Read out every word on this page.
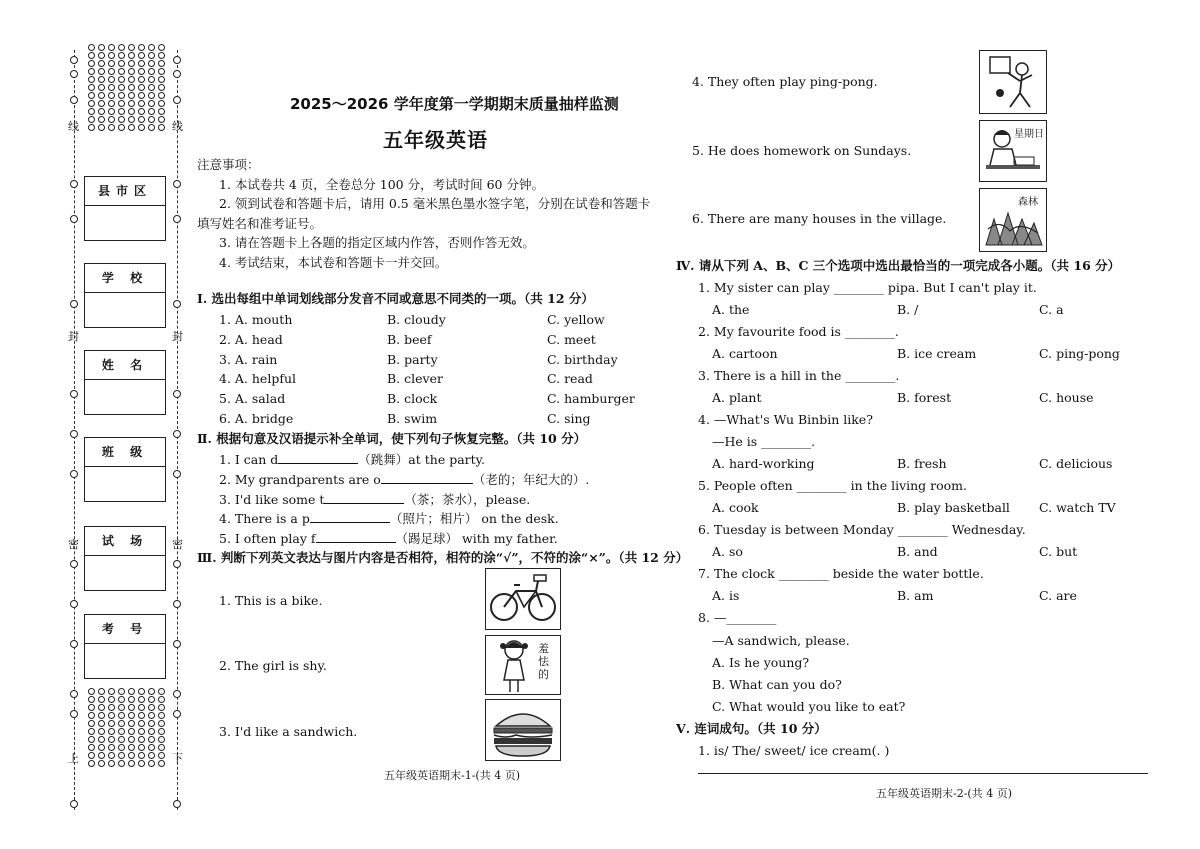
线
封
密
上
线
封
密
下
县市区
学 校
姓 名
班 级
试 场
考 号
2025～2026 学年度第一学期期末质量抽样监测
五年级英语
注意事项：
1. 本试卷共 4 页，全卷总分 100 分，考试时间 60 分钟。
2. 领到试卷和答题卡后，请用 0.5 毫米黑色墨水签字笔，分别在试卷和答题卡
填写姓名和准考证号。
3. 请在答题卡上各题的指定区域内作答，否则作答无效。
4. 考试结束，本试卷和答题卡一并交回。
Ⅰ. 选出每组中单词划线部分发音不同或意思不同类的一项。（共 12 分）
1. A. mouth	B. cloudy	C. yellow
2. A. head	B. beef	C. meet
3. A. rain	B. party	C. birthday
4. A. helpful	B. clever	C. read
5. A. salad	B. clock	C. hamburger
6. A. bridge	B. swim	C. sing
Ⅱ. 根据句意及汉语提示补全单词，使下列句子恢复完整。（共 10 分）
1. I can d	（跳舞）at the party.
2. My grandparents are o	（老的；年纪大的）.
3. I'd like some t	（茶；茶水），please.
4. There is a p	（照片；相片） on the desk.
5. I often play f	（踢足球） with my father.
Ⅲ. 判断下列英文表达与图片内容是否相符，相符的涂“√”，不符的涂“×”。（共 12 分）
1. This is a bike.
2. The girl is shy.
3. I'd like a sandwich.
羞怯的
五年级英语期末-1-(共 4 页)
4. They often play ping-pong.
5. He does homework on Sundays.
6. There are many houses in the village.
星期日
森林
Ⅳ. 请从下列 A、B、C 三个选项中选出最恰当的一项完成各小题。（共 16 分）
1. My sister can play ________ pipa. But I can't play it.
A. the	B. /	C. a
2. My favourite food is ________.
A. cartoon	B. ice cream	C. ping-pong
3. There is a hill in the ________.
A. plant	B. forest	C. house
4. —What's Wu Binbin like?
—He is ________.
A. hard-working	B. fresh	C. delicious
5. People often ________ in the living room.
A. cook	B. play basketball C. watch TV
6. Tuesday is between Monday ________ Wednesday.
A. so	B. and	C. but
7. The clock ________ beside the water bottle.
A. is	B. am	C. are
8. —________
—A sandwich, please.
A. Is he young?
B. What can you do?
C. What would you like to eat?
Ⅴ. 连词成句。（共 10 分）
1. is/ The/ sweet/ ice cream(. )
五年级英语期末-2-(共 4 页)
